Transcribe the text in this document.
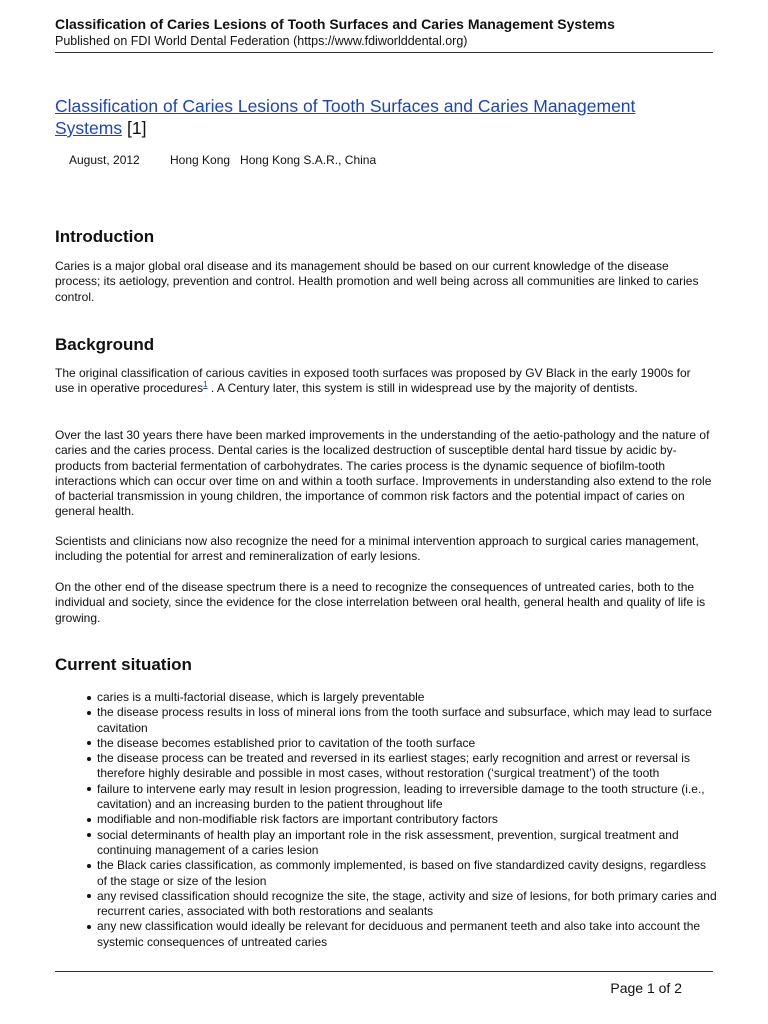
Classification of Caries Lesions of Tooth Surfaces and Caries Management Systems

Published on FDI World Dental Federation (https://www.fdiworlddental.org)

Classification of Caries Lesions of Tooth Surfaces and Caries Management Systems [1]
August, 2012	Hong Kong   Hong Kong S.A.R., China
Introduction

Caries is a major global oral disease and its management should be based on our current knowledge of the disease process; its aetiology, prevention and control. Health promotion and well being across all communities are linked to caries control.

Background

The original classification of carious cavities in exposed tooth surfaces was proposed by GV Black in the early 1900s for use in operative procedures$^1$ . A Century later, this system is still in widespread use by the majority of dentists.

Over the last 30 years there have been marked improvements in the understanding of the aetio-pathology and the nature of caries and the caries process. Dental caries is the localized destruction of susceptible dental hard tissue by acidic by-products from bacterial fermentation of carbohydrates. The caries process is the dynamic sequence of biofilm-tooth interactions which can occur over time on and within a tooth surface. Improvements in understanding also extend to the role of bacterial transmission in young children, the importance of common risk factors and the potential impact of caries on general health.

Scientists and clinicians now also recognize the need for a minimal intervention approach to surgical caries management, including the potential for arrest and remineralization of early lesions.

On the other end of the disease spectrum there is a need to recognize the consequences of untreated caries, both to the individual and society, since the evidence for the close interrelation between oral health, general health and quality of life is growing.

Current situation
caries is a multi-factorial disease, which is largely preventable
the disease process results in loss of mineral ions from the tooth surface and subsurface, which may lead to surface cavitation
the disease becomes established prior to cavitation of the tooth surface
the disease process can be treated and reversed in its earliest stages; early recognition and arrest or reversal is therefore highly desirable and possible in most cases, without restoration (‘surgical treatment’) of the tooth
failure to intervene early may result in lesion progression, leading to irreversible damage to the tooth structure (i.e., cavitation) and an increasing burden to the patient throughout life
modifiable and non-modifiable risk factors are important contributory factors
social determinants of health play an important role in the risk assessment, prevention, surgical treatment and continuing management of a caries lesion
the Black caries classification, as commonly implemented, is based on five standardized cavity designs, regardless of the stage or size of the lesion
any revised classification should recognize the site, the stage, activity and size of lesions, for both primary caries and recurrent caries, associated with both restorations and sealants
any new classification would ideally be relevant for deciduous and permanent teeth and also take into account the systemic consequences of untreated caries
Page 1 of 2
